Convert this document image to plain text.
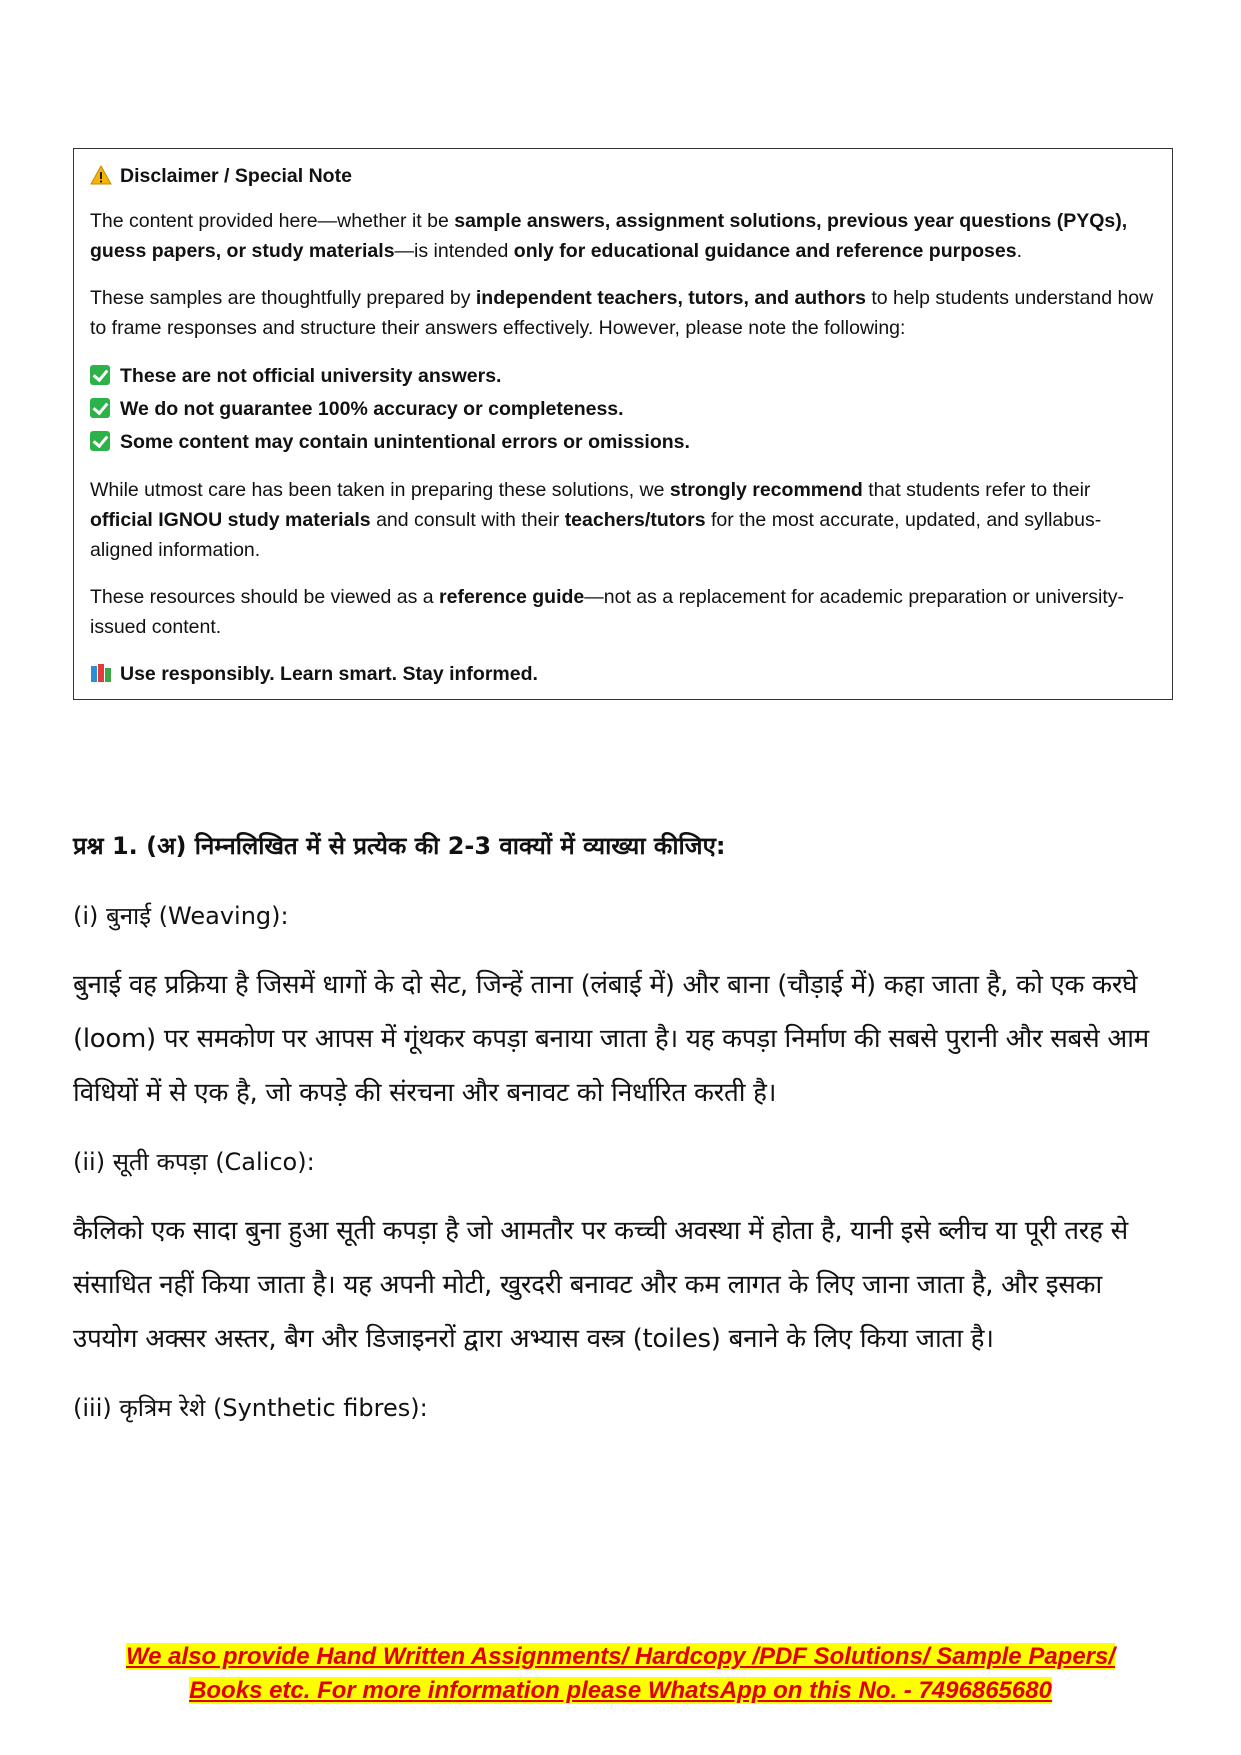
Disclaimer / Special Note

The content provided here—whether it be sample answers, assignment solutions, previous year questions (PYQs), guess papers, or study materials—is intended only for educational guidance and reference purposes.

These samples are thoughtfully prepared by independent teachers, tutors, and authors to help students understand how to frame responses and structure their answers effectively. However, please note the following:

These are not official university answers.
We do not guarantee 100% accuracy or completeness.
Some content may contain unintentional errors or omissions.

While utmost care has been taken in preparing these solutions, we strongly recommend that students refer to their official IGNOU study materials and consult with their teachers/tutors for the most accurate, updated, and syllabus-aligned information.

These resources should be viewed as a reference guide—not as a replacement for academic preparation or university-issued content.

Use responsibly. Learn smart. Stay informed.

प्रश्न 1. (अ) निम्नलिखित में से प्रत्येक की 2-3 वाक्यों में व्याख्या कीजिए:

(i) बुनाई (Weaving):

बुनाई वह प्रक्रिया है जिसमें धागों के दो सेट, जिन्हें ताना (लंबाई में) और बाना (चौड़ाई में) कहा जाता है, को एक करघे (loom) पर समकोण पर आपस में गूंथकर कपड़ा बनाया जाता है। यह कपड़ा निर्माण की सबसे पुरानी और सबसे आम विधियों में से एक है, जो कपड़े की संरचना और बनावट को निर्धारित करती है।

(ii) सूती कपड़ा (Calico):

कैलिको एक सादा बुना हुआ सूती कपड़ा है जो आमतौर पर कच्ची अवस्था में होता है, यानी इसे ब्लीच या पूरी तरह से संसाधित नहीं किया जाता है। यह अपनी मोटी, खुरदरी बनावट और कम लागत के लिए जाना जाता है, और इसका उपयोग अक्सर अस्तर, बैग और डिजाइनरों द्वारा अभ्यास वस्त्र (toiles) बनाने के लिए किया जाता है।

(iii) कृत्रिम रेशे (Synthetic fibres):

We also provide Hand Written Assignments/ Hardcopy /PDF Solutions/ Sample Papers/
Books etc. For more information please WhatsApp on this No. - 7496865680
